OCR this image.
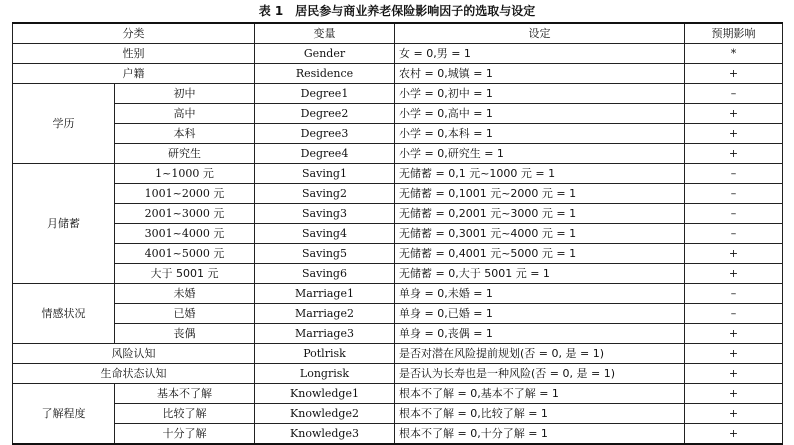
表 1　居民参与商业养老保险影响因子的选取与设定
分类		变量	设定	预期影响
性别		Gender	女 = 0,男 = 1	*
户籍		Residence	农村 = 0,城镇 = 1	+
学历	初中	Degree1	小学 = 0,初中 = 1	–
	高中	Degree2	小学 = 0,高中 = 1	+
	本科	Degree3	小学 = 0,本科 = 1	+
	研究生	Degree4	小学 = 0,研究生 = 1	+
月储蓄	1~1000 元	Saving1	无储蓄 = 0,1 元~1000 元 = 1	–
	1001~2000 元	Saving2	无储蓄 = 0,1001 元~2000 元 = 1	–
	2001~3000 元	Saving3	无储蓄 = 0,2001 元~3000 元 = 1	–
	3001~4000 元	Saving4	无储蓄 = 0,3001 元~4000 元 = 1	–
	4001~5000 元	Saving5	无储蓄 = 0,4001 元~5000 元 = 1	+
	大于 5001 元	Saving6	无储蓄 = 0,大于 5001 元 = 1	+
情感状况	未婚	Marriage1	单身 = 0,未婚 = 1	–
	已婚	Marriage2	单身 = 0,已婚 = 1	–
	丧偶	Marriage3	单身 = 0,丧偶 = 1	+
风险认知		Potlrisk	是否对潜在风险提前规划(否 = 0, 是 = 1)	+
生命状态认知		Longrisk	是否认为长寿也是一种风险(否 = 0, 是 = 1)	+
了解程度	基本不了解	Knowledge1	根本不了解 = 0,基本不了解 = 1	+
	比较了解	Knowledge2	根本不了解 = 0,比较了解 = 1	+
	十分了解	Knowledge3	根本不了解 = 0,十分了解 = 1	+
